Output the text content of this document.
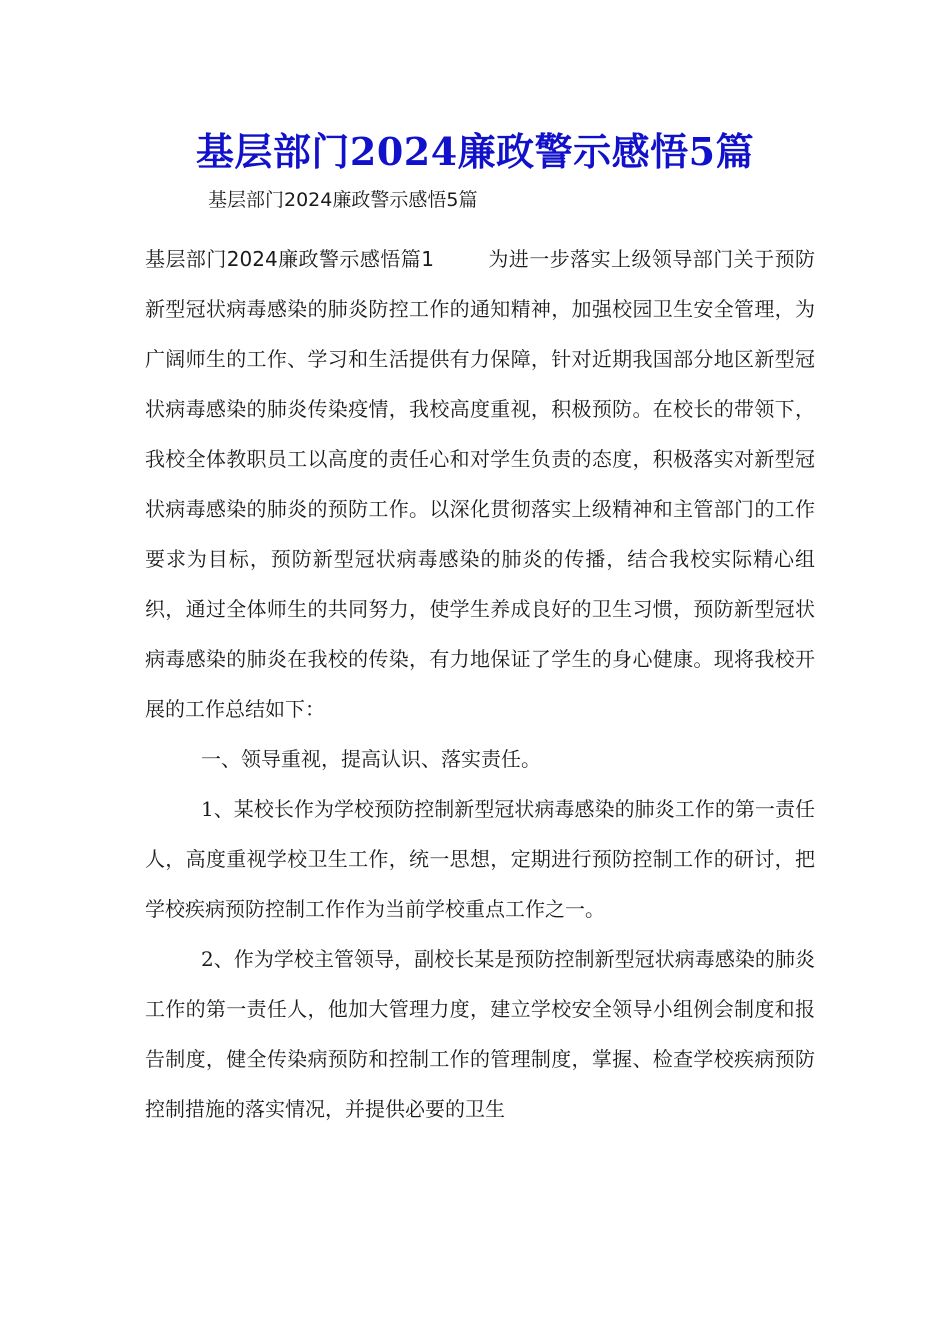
基层部门2024廉政警示感悟5篇
基层部门2024廉政警示感悟5篇

基层部门2024廉政警示感悟篇1	为进一步落实上级领导部门关于预防新型冠状病毒感染的肺炎防控工作的通知精神，加强校园卫生安全管理，为广阔师生的工作、学习和生活提供有力保障，针对近期我国部分地区新型冠状病毒感染的肺炎传染疫情，我校高度重视，积极预防。在校长的带领下，我校全体教职员工以高度的责任心和对学生负责的态度，积极落实对新型冠状病毒感染的肺炎的预防工作。以深化贯彻落实上级精神和主管部门的工作要求为目标，预防新型冠状病毒感染的肺炎的传播，结合我校实际精心组织，通过全体师生的共同努力，使学生养成良好的卫生习惯，预防新型冠状病毒感染的肺炎在我校的传染，有力地保证了学生的身心健康。现将我校开展的工作总结如下：

一、领导重视，提高认识、落实责任。

1、某校长作为学校预防控制新型冠状病毒感染的肺炎工作的第一责任人，高度重视学校卫生工作，统一思想，定期进行预防控制工作的研讨，把学校疾病预防控制工作作为当前学校重点工作之一。

2、作为学校主管领导，副校长某是预防控制新型冠状病毒感染的肺炎工作的第一责任人，他加大管理力度，建立学校安全领导小组例会制度和报告制度，健全传染病预防和控制工作的管理制度，掌握、检查学校疾病预防控制措施的落实情况，并提供必要的卫生
